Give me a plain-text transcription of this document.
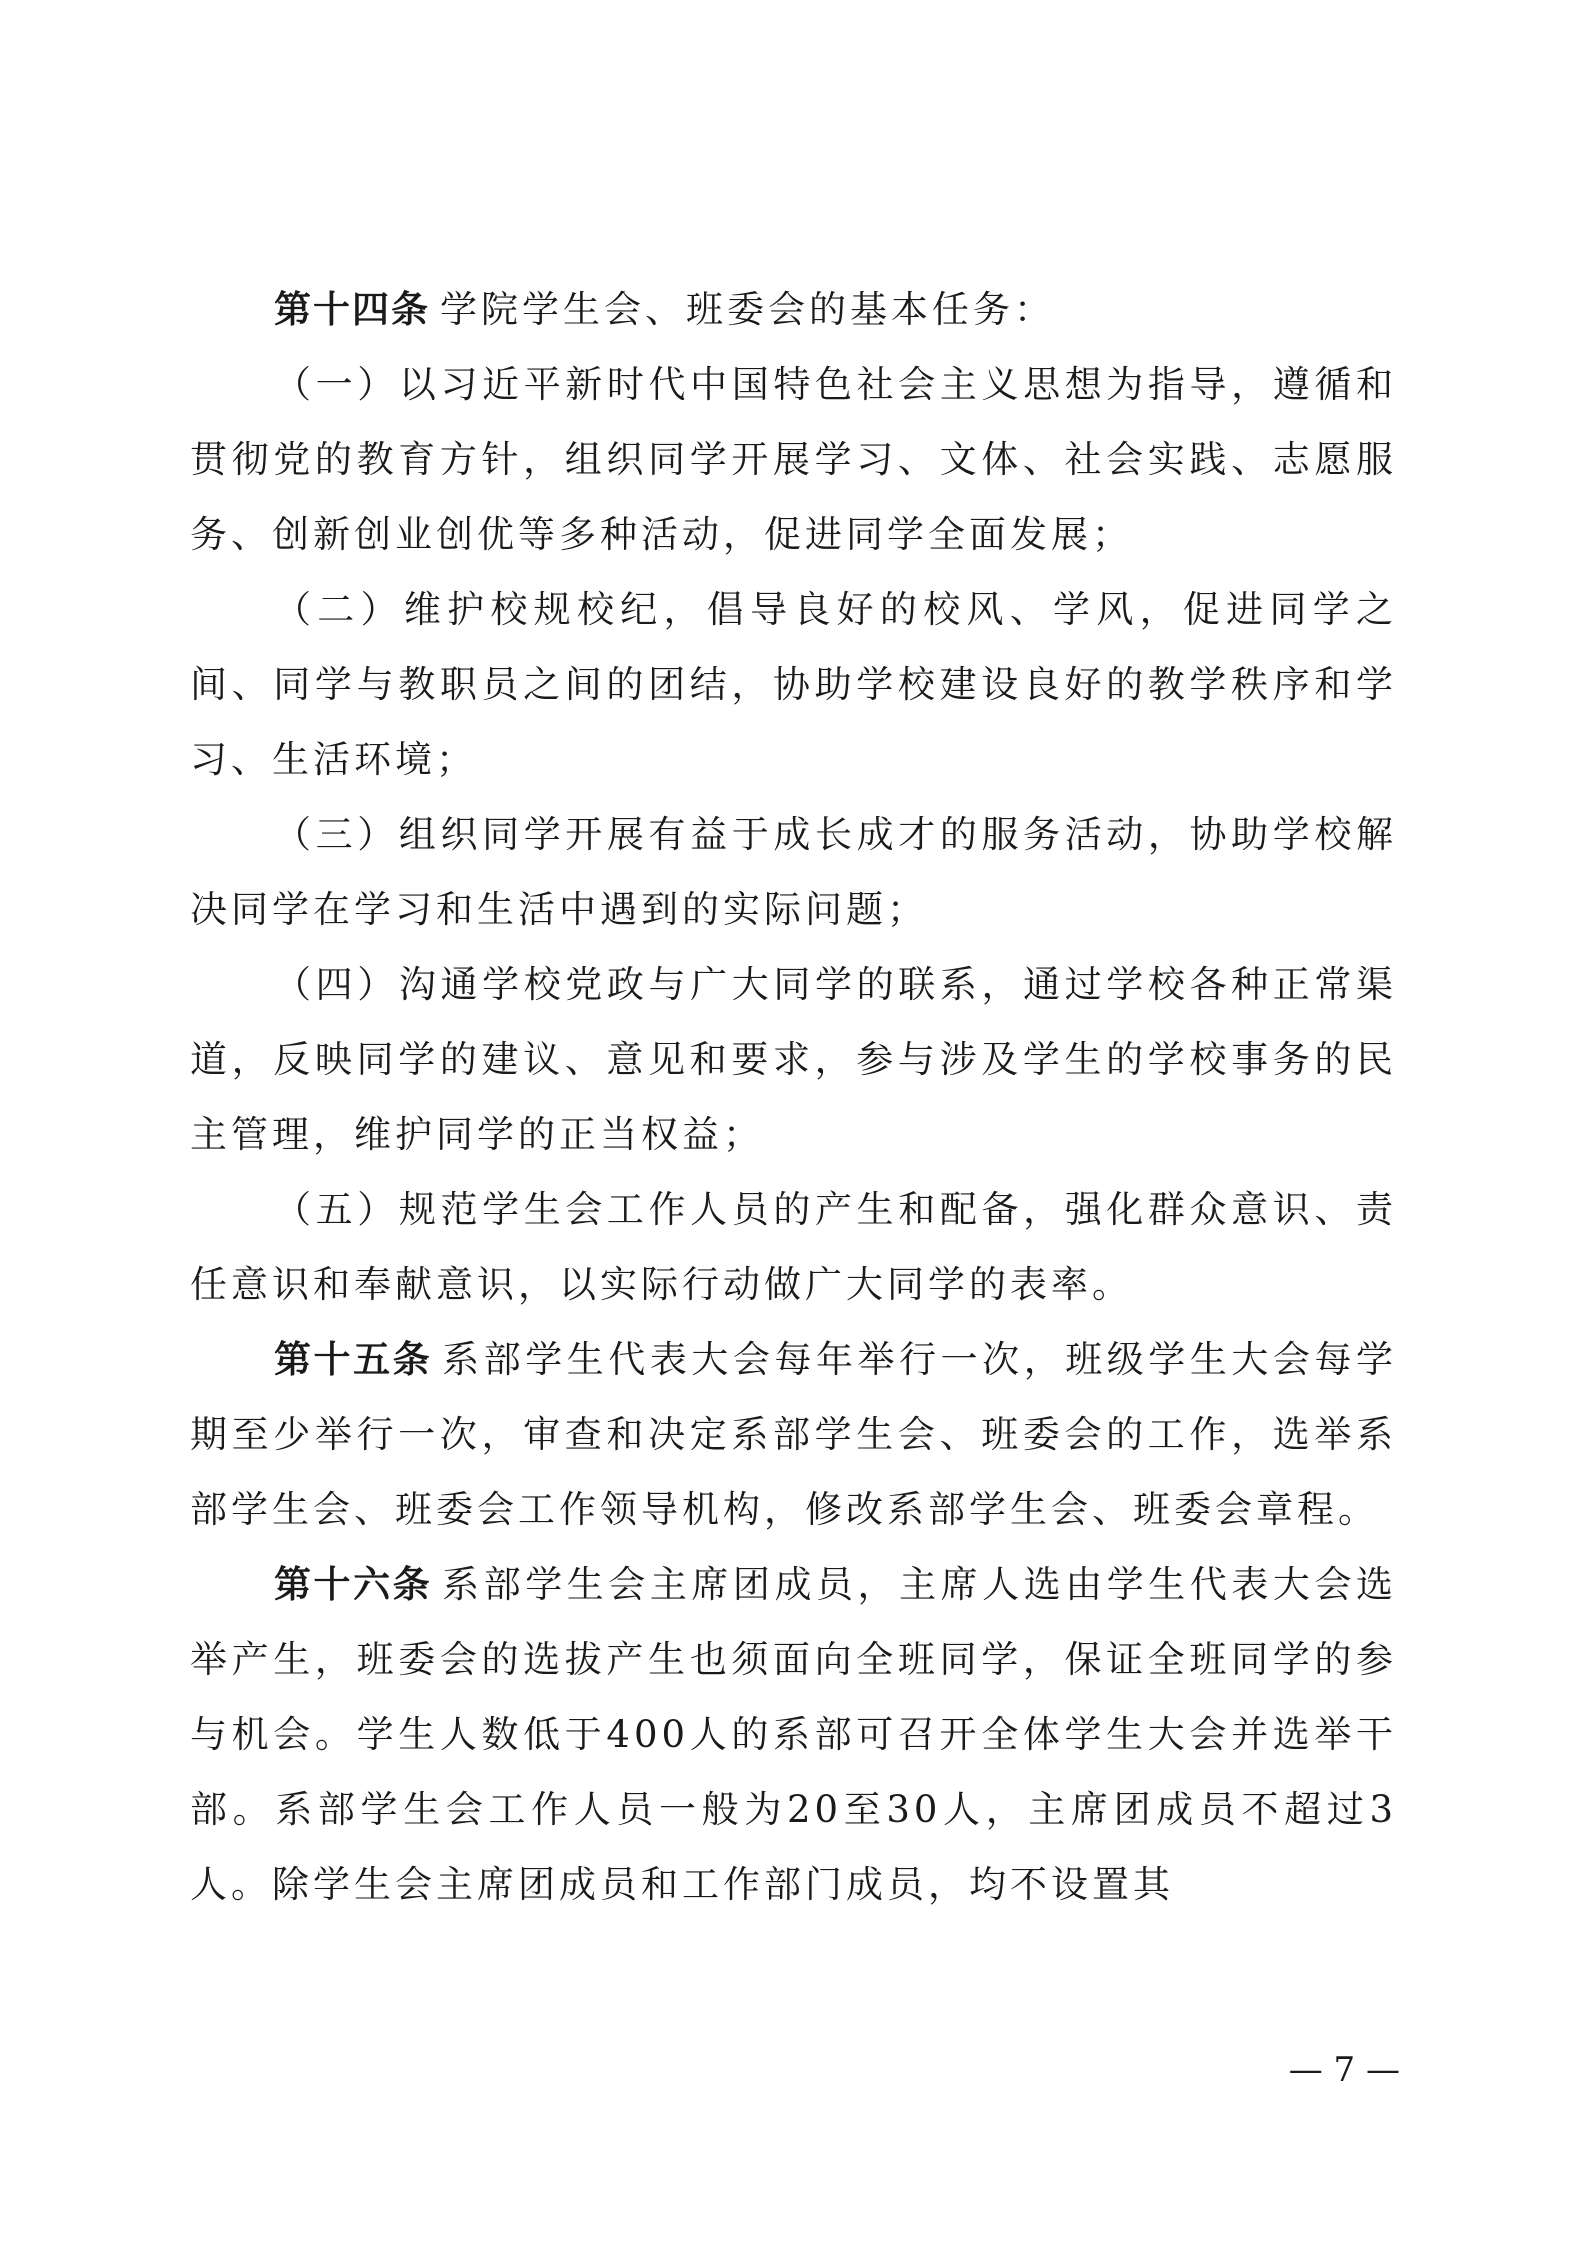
第十四条 学院学生会、班委会的基本任务：

（一）以习近平新时代中国特色社会主义思想为指导，遵循和贯彻党的教育方针，组织同学开展学习、文体、社会实践、志愿服务、创新创业创优等多种活动，促进同学全面发展；

（二）维护校规校纪，倡导良好的校风、学风，促进同学之间、同学与教职员之间的团结，协助学校建设良好的教学秩序和学习、生活环境；

（三）组织同学开展有益于成长成才的服务活动，协助学校解决同学在学习和生活中遇到的实际问题；

（四）沟通学校党政与广大同学的联系，通过学校各种正常渠道，反映同学的建议、意见和要求，参与涉及学生的学校事务的民主管理，维护同学的正当权益；

（五）规范学生会工作人员的产生和配备，强化群众意识、责任意识和奉献意识，以实际行动做广大同学的表率。

第十五条 系部学生代表大会每年举行一次，班级学生大会每学期至少举行一次，审查和决定系部学生会、班委会的工作，选举系部学生会、班委会工作领导机构，修改系部学生会、班委会章程。

第十六条 系部学生会主席团成员，主席人选由学生代表大会选举产生，班委会的选拔产生也须面向全班同学，保证全班同学的参与机会。学生人数低于400人的系部可召开全体学生大会并选举干部。系部学生会工作人员一般为20至30人，主席团成员不超过3人。除学生会主席团成员和工作部门成员，均不设置其

— 7 —
